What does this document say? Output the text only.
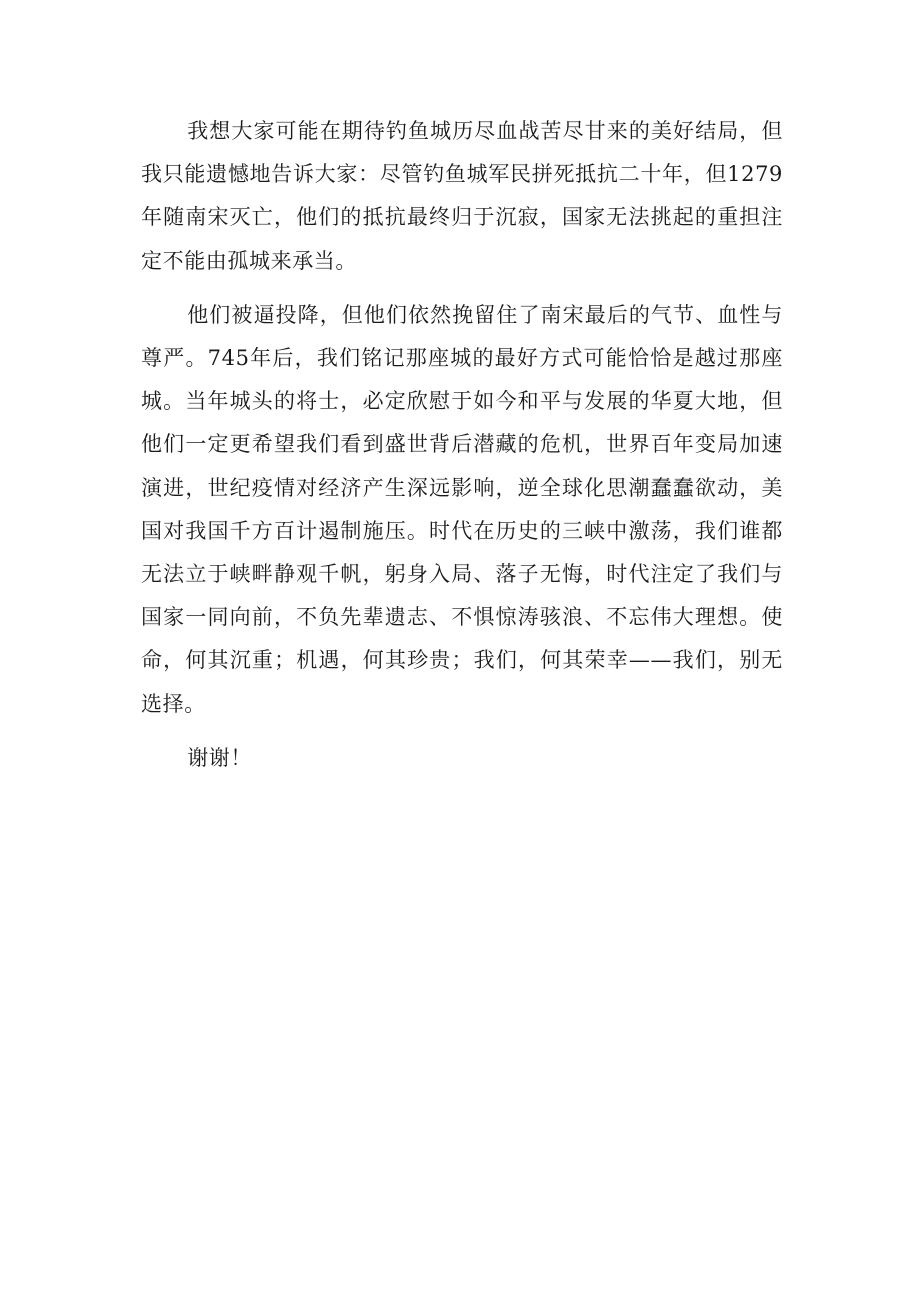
我想大家可能在期待钓鱼城历尽血战苦尽甘来的美好结局，但我只能遗憾地告诉大家：尽管钓鱼城军民拼死抵抗二十年，但1279年随南宋灭亡，他们的抵抗最终归于沉寂，国家无法挑起的重担注定不能由孤城来承当。

他们被逼投降，但他们依然挽留住了南宋最后的气节、血性与尊严。745年后，我们铭记那座城的最好方式可能恰恰是越过那座城。当年城头的将士，必定欣慰于如今和平与发展的华夏大地，但他们一定更希望我们看到盛世背后潜藏的危机，世界百年变局加速演进，世纪疫情对经济产生深远影响，逆全球化思潮蠢蠢欲动，美国对我国千方百计遏制施压。时代在历史的三峡中激荡，我们谁都无法立于峡畔静观千帆，躬身入局、落子无悔，时代注定了我们与国家一同向前，不负先辈遗志、不惧惊涛骇浪、不忘伟大理想。使命，何其沉重；机遇，何其珍贵；我们，何其荣幸——我们，别无选择。

谢谢！
